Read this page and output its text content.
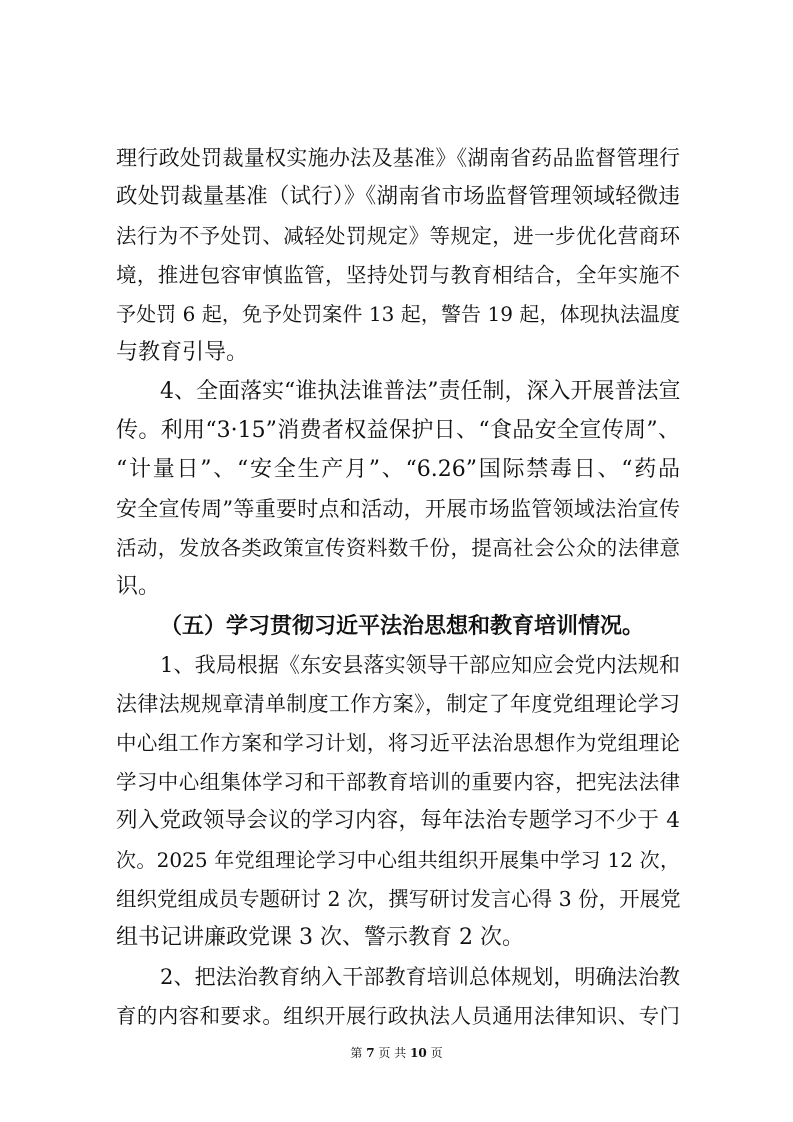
理行政处罚裁量权实施办法及基准》《湖南省药品监督管理行
政处罚裁量基准（试行）》《湖南省市场监督管理领域轻微违
法行为不予处罚、减轻处罚规定》等规定，进一步优化营商环
境，推进包容审慎监管，坚持处罚与教育相结合，全年实施不
予处罚 6 起，免予处罚案件 13 起，警告 19 起，体现执法温度
与教育引导。
4、全面落实“谁执法谁普法”责任制，深入开展普法宣
传。利用“3·15”消费者权益保护日、“食品安全宣传周”、
“计量日”、“安全生产月”、“6.26”国际禁毒日、“药品
安全宣传周”等重要时点和活动，开展市场监管领域法治宣传
活动，发放各类政策宣传资料数千份，提高社会公众的法律意
识。
（五）学习贯彻习近平法治思想和教育培训情况。
1、我局根据《东安县落实领导干部应知应会党内法规和
法律法规规章清单制度工作方案》，制定了年度党组理论学习
中心组工作方案和学习计划，将习近平法治思想作为党组理论
学习中心组集体学习和干部教育培训的重要内容，把宪法法律
列入党政领导会议的学习内容，每年法治专题学习不少于 4
次。2025 年党组理论学习中心组共组织开展集中学习 12 次，
组织党组成员专题研讨 2 次，撰写研讨发言心得 3 份，开展党
组书记讲廉政党课 3 次、警示教育 2 次。
2、把法治教育纳入干部教育培训总体规划，明确法治教
育的内容和要求。组织开展行政执法人员通用法律知识、专门
第 7 页 共 10 页
